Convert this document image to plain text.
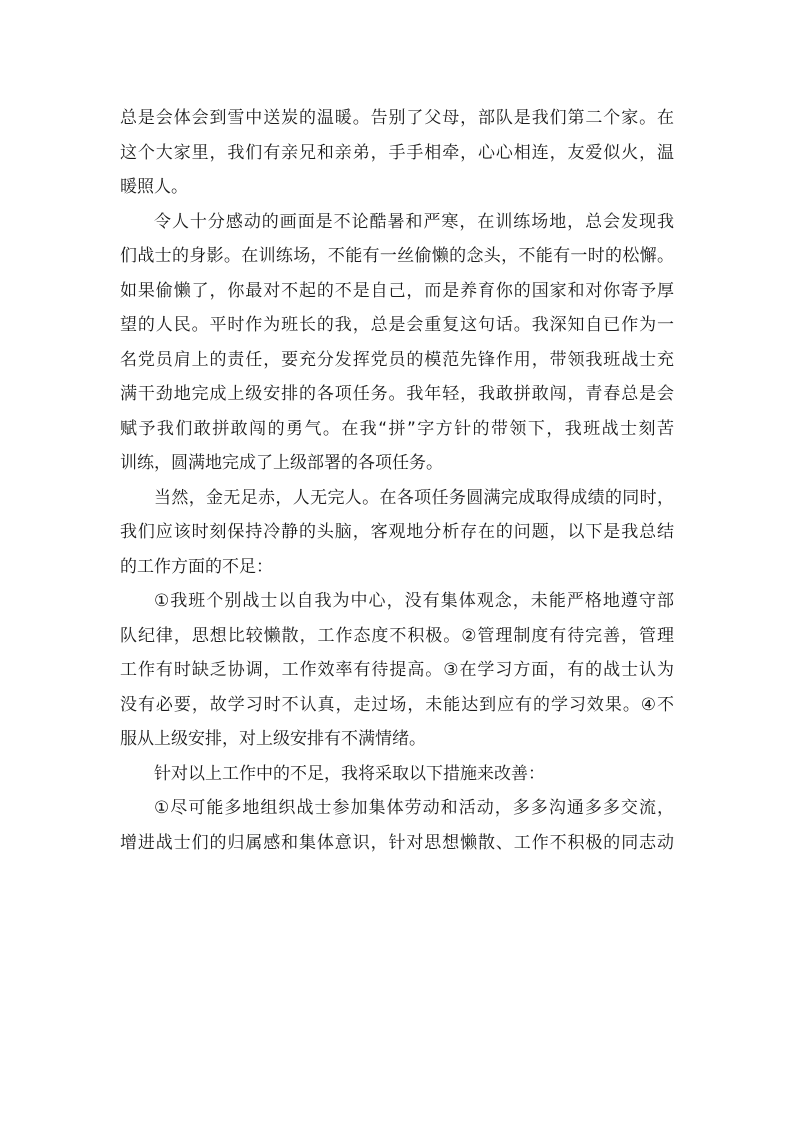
总是会体会到雪中送炭的温暖。告别了父母，部队是我们第二个家。在
这个大家里，我们有亲兄和亲弟，手手相牵，心心相连，友爱似火，温
暖照人。
令人十分感动的画面是不论酷暑和严寒，在训练场地，总会发现我
们战士的身影。在训练场，不能有一丝偷懒的念头，不能有一时的松懈。
如果偷懒了，你最对不起的不是自己，而是养育你的国家和对你寄予厚
望的人民。平时作为班长的我，总是会重复这句话。我深知自已作为一
名党员肩上的责任，要充分发挥党员的模范先锋作用，带领我班战士充
满干劲地完成上级安排的各项任务。我年轻，我敢拼敢闯，青春总是会
赋予我们敢拼敢闯的勇气。在我“拼”字方针的带领下，我班战士刻苦
训练，圆满地完成了上级部署的各项任务。
当然，金无足赤，人无完人。在各项任务圆满完成取得成绩的同时，
我们应该时刻保持冷静的头脑，客观地分析存在的问题，以下是我总结
的工作方面的不足：
①我班个别战士以自我为中心，没有集体观念，未能严格地遵守部
队纪律，思想比较懒散，工作态度不积极。②管理制度有待完善，管理
工作有时缺乏协调，工作效率有待提高。③在学习方面，有的战士认为
没有必要，故学习时不认真，走过场，未能达到应有的学习效果。④不
服从上级安排，对上级安排有不满情绪。
针对以上工作中的不足，我将采取以下措施来改善：
①尽可能多地组织战士参加集体劳动和活动，多多沟通多多交流，
增进战士们的归属感和集体意识，针对思想懒散、工作不积极的同志动
